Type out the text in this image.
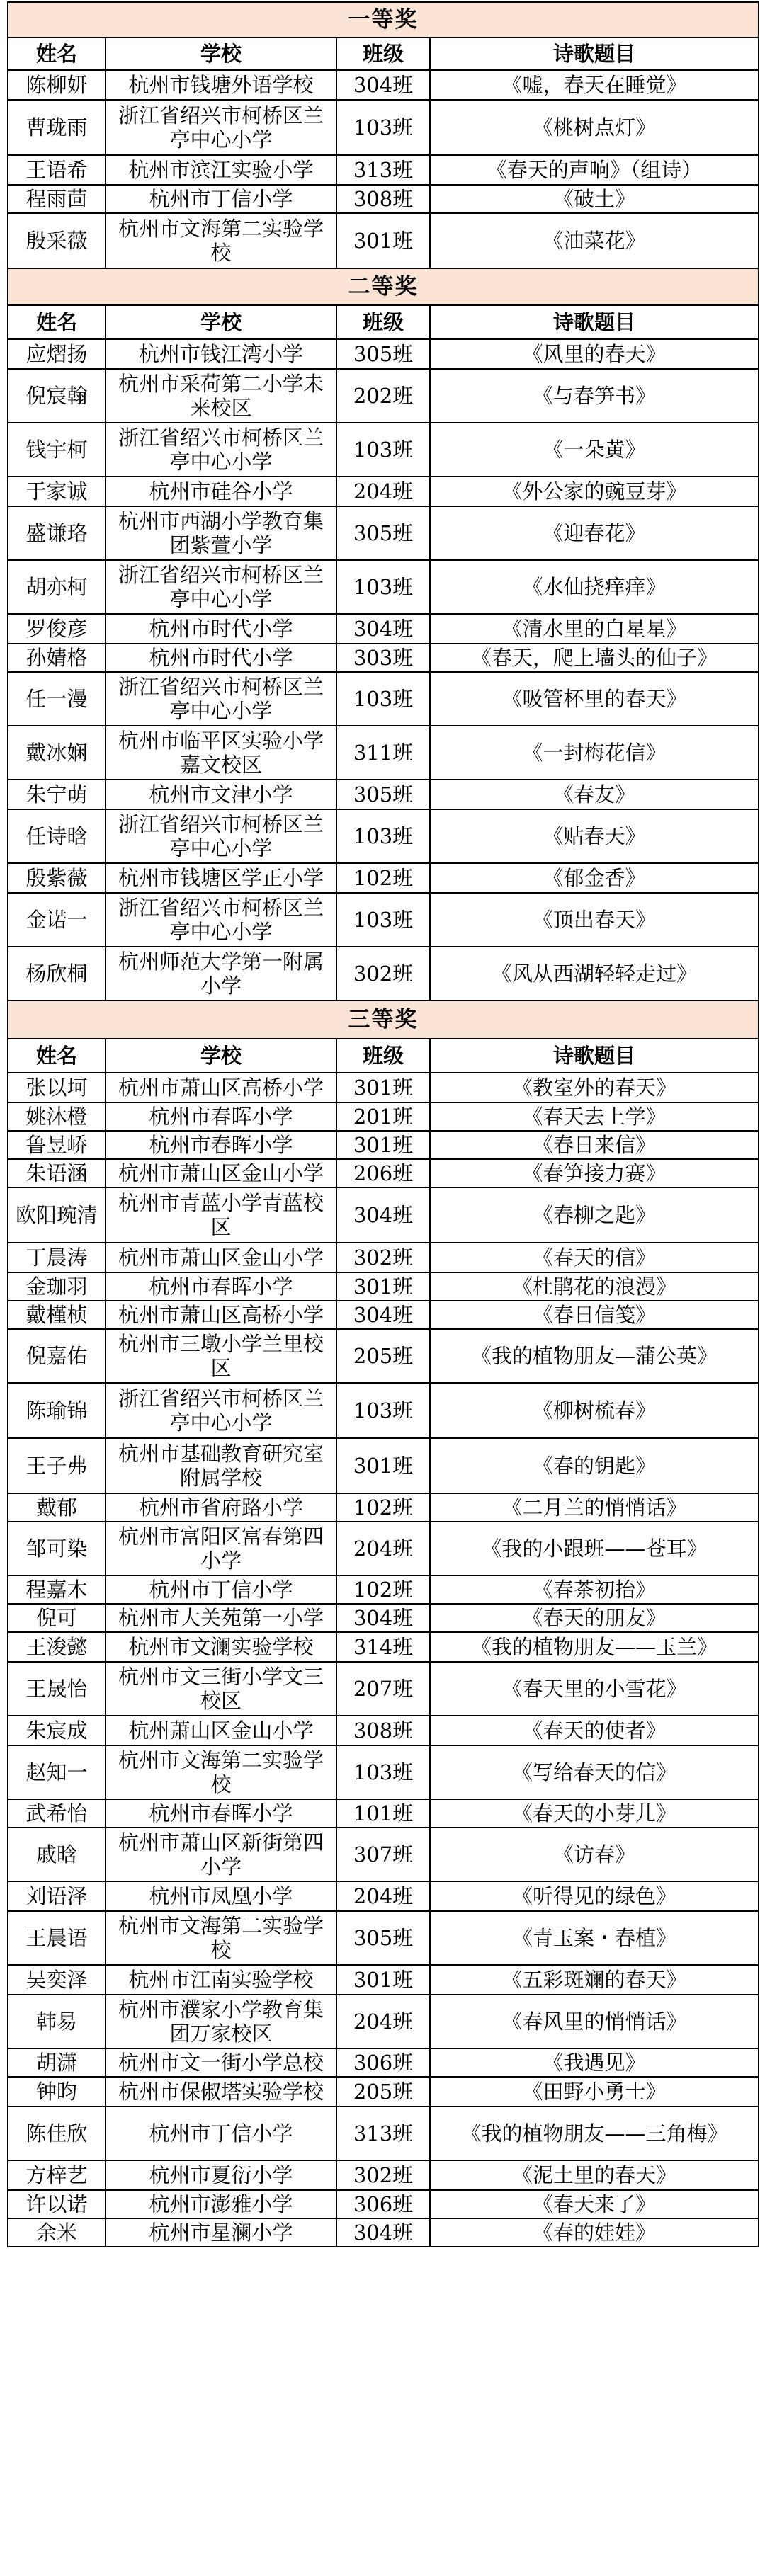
一等奖			
姓名	学校	班级	诗歌题目
陈柳妍	杭州市钱塘外语学校	304班	《嘘，春天在睡觉》
曹珑雨	浙江省绍兴市柯桥区兰亭中心小学	103班	《桃树点灯》
王语希	杭州市滨江实验小学	313班	《春天的声响》（组诗）
程雨茴	杭州市丁信小学	308班	《破土》
殷采薇	杭州市文海第二实验学校	301班	《油菜花》
二等奖			
姓名	学校	班级	诗歌题目
应熠扬	杭州市钱江湾小学	305班	《风里的春天》
倪宸翰	杭州市采荷第二小学未来校区	202班	《与春笋书》
钱宇柯	浙江省绍兴市柯桥区兰亭中心小学	103班	《一朵黄》
于家诚	杭州市硅谷小学	204班	《外公家的豌豆芽》
盛谦珞	杭州市西湖小学教育集团紫萱小学	305班	《迎春花》
胡亦柯	浙江省绍兴市柯桥区兰亭中心小学	103班	《水仙挠痒痒》
罗俊彦	杭州市时代小学	304班	《清水里的白星星》
孙婧格	杭州市时代小学	303班	《春天，爬上墙头的仙子》
任一漫	浙江省绍兴市柯桥区兰亭中心小学	103班	《吸管杯里的春天》
戴冰娴	杭州市临平区实验小学嘉文校区	311班	《一封梅花信》
朱宁萌	杭州市文津小学	305班	《春友》
任诗晗	浙江省绍兴市柯桥区兰亭中心小学	103班	《贴春天》
殷紫薇	杭州市钱塘区学正小学	102班	《郁金香》
金诺一	浙江省绍兴市柯桥区兰亭中心小学	103班	《顶出春天》
杨欣桐	杭州师范大学第一附属小学	302班	《风从西湖轻轻走过》
三等奖			
姓名	学校	班级	诗歌题目
张以坷	杭州市萧山区高桥小学	301班	《教室外的春天》
姚沐橙	杭州市春晖小学	201班	《春天去上学》
鲁昱峤	杭州市春晖小学	301班	《春日来信》
朱语涵	杭州市萧山区金山小学	206班	《春笋接力赛》
欧阳琬清	杭州市青蓝小学青蓝校区	304班	《春柳之匙》
丁晨涛	杭州市萧山区金山小学	302班	《春天的信》
金珈羽	杭州市春晖小学	301班	《杜鹃花的浪漫》
戴槿桢	杭州市萧山区高桥小学	304班	《春日信笺》
倪嘉佑	杭州市三墩小学兰里校区	205班	《我的植物朋友—蒲公英》
陈瑜锦	浙江省绍兴市柯桥区兰亭中心小学	103班	《柳树梳春》
王子弗	杭州市基础教育研究室附属学校	301班	《春的钥匙》
戴郁	杭州市省府路小学	102班	《二月兰的悄悄话》
邹可染	杭州市富阳区富春第四小学	204班	《我的小跟班——苍耳》
程嘉木	杭州市丁信小学	102班	《春茶初抬》
倪可	杭州市大关苑第一小学	304班	《春天的朋友》
王浚懿	杭州市文澜实验学校	314班	《我的植物朋友——玉兰》
王晟怡	杭州市文三街小学文三校区	207班	《春天里的小雪花》
朱宸成	杭州萧山区金山小学	308班	《春天的使者》
赵知一	杭州市文海第二实验学校	103班	《写给春天的信》
武希怡	杭州市春晖小学	101班	《春天的小芽儿》
戚晗	杭州市萧山区新街第四小学	307班	《访春》
刘语泽	杭州市凤凰小学	204班	《听得见的绿色》
王晨语	杭州市文海第二实验学校	305班	《青玉案・春植》
吴奕泽	杭州市江南实验学校	301班	《五彩斑斓的春天》
韩易	杭州市濮家小学教育集团万家校区	204班	《春风里的悄悄话》
胡潇	杭州市文一街小学总校	306班	《我遇见》
钟昀	杭州市保俶塔实验学校	205班	《田野小勇士》
陈佳欣	杭州市丁信小学	313班	《我的植物朋友——三角梅》
方梓艺	杭州市夏衍小学	302班	《泥土里的春天》
许以诺	杭州市澎雅小学	306班	《春天来了》
余米	杭州市星澜小学	304班	《春的娃娃》
